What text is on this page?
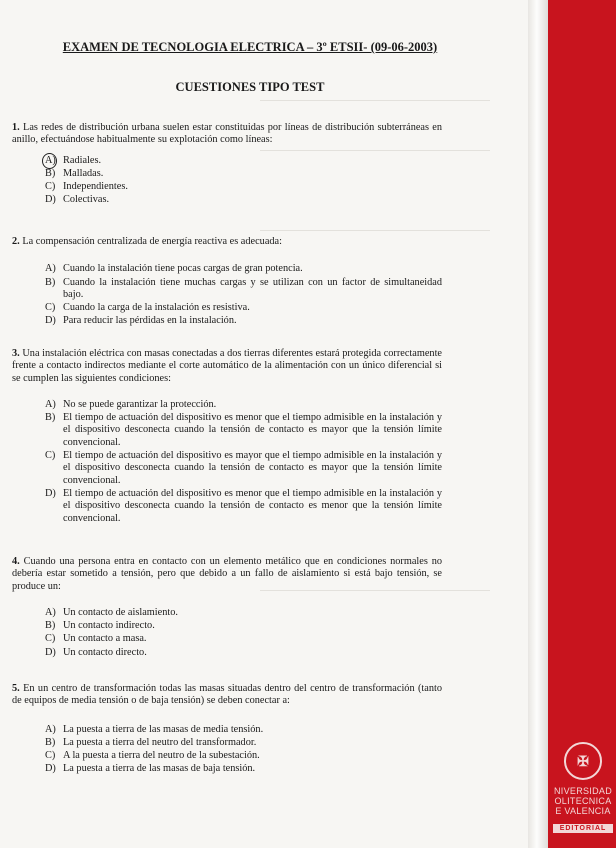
EXAMEN DE TECNOLOGIA ELECTRICA – 3º ETSII- (09-06-2003)
CUESTIONES TIPO TEST

1. Las redes de distribución urbana suelen estar constituidas por líneas de distribución subterráneas en anillo, efectuándose habitualmente su explotación como líneas:

A) Radiales.
B) Malladas.
C) Independientes.
D) Colectivas.

2. La compensación centralizada de energía reactiva es adecuada:

A) Cuando la instalación tiene pocas cargas de gran potencia.
B) Cuando la instalación tiene muchas cargas y se utilizan con un factor de simultaneidad bajo.
C) Cuando la carga de la instalación es resistiva.
D) Para reducir las pérdidas en la instalación.

3. Una instalación eléctrica con masas conectadas a dos tierras diferentes estará protegida correctamente frente a contacto indirectos mediante el corte automático de la alimentación con un único diferencial si se cumplen las siguientes condiciones:

A) No se puede garantizar la protección.
B) El tiempo de actuación del dispositivo es menor que el tiempo admisible en la instalación y el dispositivo desconecta cuando la tensión de contacto es mayor que la tensión límite convencional.
C) El tiempo de actuación del dispositivo es mayor que el tiempo admisible en la instalación y el dispositivo desconecta cuando la tensión de contacto es mayor que la tensión límite convencional.
D) El tiempo de actuación del dispositivo es menor que el tiempo admisible en la instalación y el dispositivo desconecta cuando la tensión de contacto es menor que la tensión límite convencional.

4. Cuando una persona entra en contacto con un elemento metálico que en condiciones normales no debería estar sometido a tensión, pero que debido a un fallo de aislamiento si está bajo tensión, se produce un:

A) Un contacto de aislamiento.
B) Un contacto indirecto.
C) Un contacto a masa.
D) Un contacto directo.

5. En un centro de transformación todas las masas situadas dentro del centro de transformación (tanto de equipos de media tensión o de baja tensión) se deben conectar a:

A) La puesta a tierra de las masas de media tensión.
B) La puesta a tierra del neutro del transformador.
C) A la puesta a tierra del neutro de la subestación.
D) La puesta a tierra de las masas de baja tensión.
✠
NIVERSIDAD
OLITECNICA
E VALENCIA
EDITORIAL
